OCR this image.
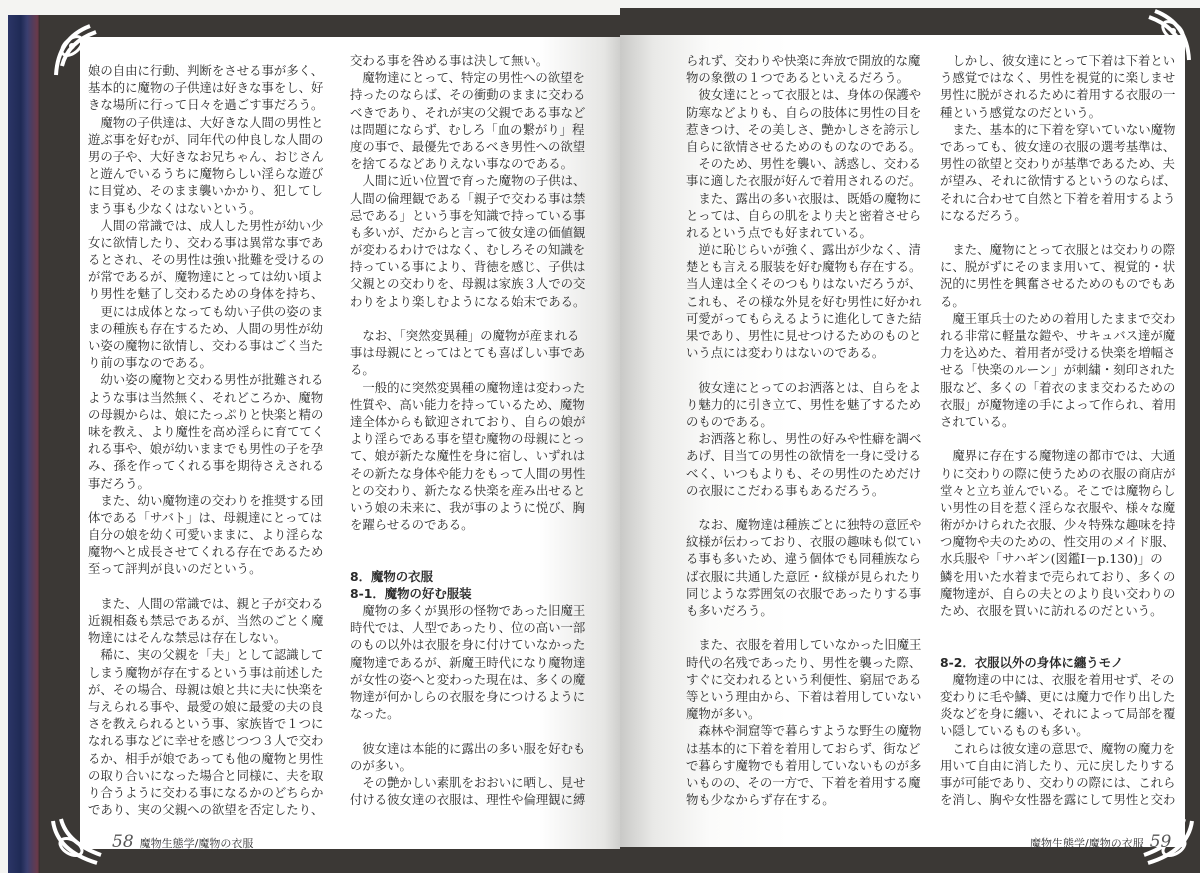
娘の自由に行動、判断をさせる事が多く、
基本的に魔物の子供達は好きな事をし、好
きな場所に行って日々を過ごす事だろう。
　魔物の子供達は、大好きな人間の男性と
遊ぶ事を好むが、同年代の仲良しな人間の
男の子や、大好きなお兄ちゃん、おじさん
と遊んでいるうちに魔物らしい淫らな遊び
に目覚め、そのまま襲いかかり、犯してし
まう事も少なくはないという。
　人間の常識では、成人した男性が幼い少
女に欲情したり、交わる事は異常な事であ
るとされ、その男性は強い批難を受けるの
が常であるが、魔物達にとっては幼い頃よ
り男性を魅了し交わるための身体を持ち、
　更には成体となっても幼い子供の姿のま
まの種族も存在するため、人間の男性が幼
い姿の魔物に欲情し、交わる事はごく当た
り前の事なのである。
　幼い姿の魔物と交わる男性が批難される
ような事は当然無く、それどころか、魔物
の母親からは、娘にたっぷりと快楽と精の
味を教え、より魔性を高め淫らに育ててく
れる事や、娘が幼いままでも男性の子を孕
み、孫を作ってくれる事を期待さえされる
事だろう。
　また、幼い魔物達の交わりを推奨する団
体である「サバト」は、母親達にとっては
自分の娘を幼く可愛いままに、より淫らな
魔物へと成長させてくれる存在であるため
至って評判が良いのだという。
　また、人間の常識では、親と子が交わる
近親相姦も禁忌であるが、当然のごとく魔
物達にはそんな禁忌は存在しない。
　稀に、実の父親を「夫」として認識して
しまう魔物が存在するという事は前述した
が、その場合、母親は娘と共に夫に快楽を
与えられる事や、最愛の娘に最愛の夫の良
さを教えられるという事、家族皆で１つに
なれる事などに幸せを感じつつ３人で交わ
るか、相手が娘であっても他の魔物と男性
の取り合いになった場合と同様に、夫を取
り合うように交わる事になるかのどちらか
であり、実の父親への欲望を否定したり、
交わる事を咎める事は決して無い。
　魔物達にとって、特定の男性への欲望を
持ったのならば、その衝動のままに交わる
べきであり、それが実の父親である事など
は問題にならず、むしろ「血の繋がり」程
度の事で、最優先であるべき男性への欲望
を捨てるなどありえない事なのである。
　人間に近い位置で育った魔物の子供は、
人間の倫理観である「親子で交わる事は禁
忌である」という事を知識で持っている事
も多いが、だからと言って彼女達の価値観
が変わるわけではなく、むしろその知識を
持っている事により、背徳を感じ、子供は
父親との交わりを、母親は家族３人での交
わりをより楽しむようになる始末である。
　なお、「突然変異種」の魔物が産まれる
事は母親にとってはとても喜ばしい事であ
る。
　一般的に突然変異種の魔物達は変わった
性質や、高い能力を持っているため、魔物
達全体からも歓迎されており、自らの娘が
より淫らである事を望む魔物の母親にとっ
て、娘が新たな魔性を身に宿し、いずれは
その新たな身体や能力をもって人間の男性
との交わり、新たなる快楽を産み出せると
いう娘の未来に、我が事のように悦び、胸
を躍らせるのである。
8．魔物の衣服
8-1．魔物の好む服装
　魔物の多くが異形の怪物であった旧魔王
時代では、人型であったり、位の高い一部
のもの以外は衣服を身に付けていなかった
魔物達であるが、新魔王時代になり魔物達
が女性の姿へと変わった現在は、多くの魔
物達が何かしらの衣服を身につけるように
なった。
　彼女達は本能的に露出の多い服を好むも
のが多い。
　その艶かしい素肌をおおいに晒し、見せ
付ける彼女達の衣服は、理性や倫理観に縛
られず、交わりや快楽に奔放で開放的な魔
物の象徴の１つであるといえるだろう。
　彼女達にとって衣服とは、身体の保護や
防寒などよりも、自らの肢体に男性の目を
惹きつけ、その美しさ、艶かしさを誇示し
自らに欲情させるためのものなのである。
　そのため、男性を襲い、誘惑し、交わる
事に適した衣服が好んで着用されるのだ。
　また、露出の多い衣服は、既婚の魔物に
とっては、自らの肌をより夫と密着させら
れるという点でも好まれている。
　逆に恥じらいが強く、露出が少なく、清
楚とも言える服装を好む魔物も存在する。
当人達は全くそのつもりはないだろうが、
これも、その様な外見を好む男性に好かれ
可愛がってもらえるように進化してきた結
果であり、男性に見せつけるためのものと
いう点には変わりはないのである。
　彼女達にとってのお洒落とは、自らをよ
り魅力的に引き立て、男性を魅了するため
のものである。
　お洒落と称し、男性の好みや性癖を調べ
あげ、目当ての男性の欲情を一身に受ける
べく、いつもよりも、その男性のためだけ
の衣服にこだわる事もあるだろう。
　なお、魔物達は種族ごとに独特の意匠や
紋様が伝わっており、衣服の趣味も似てい
る事も多いため、違う個体でも同種族なら
ば衣服に共通した意匠・紋様が見られたり
同じような雰囲気の衣服であったりする事
も多いだろう。
　また、衣服を着用していなかった旧魔王
時代の名残であったり、男性を襲った際、
すぐに交われるという利便性、窮屈である
等という理由から、下着は着用していない
魔物が多い。
　森林や洞窟等で暮らすような野生の魔物
は基本的に下着を着用しておらず、街など
で暮らす魔物でも着用していないものが多
いものの、その一方で、下着を着用する魔
物も少なからず存在する。
　しかし、彼女達にとって下着は下着とい
う感覚ではなく、男性を視覚的に楽しませ
男性に脱がされるために着用する衣服の一
種という感覚なのだという。
　また、基本的に下着を穿いていない魔物
であっても、彼女達の衣服の選考基準は、
男性の欲望と交わりが基準であるため、夫
が望み、それに欲情するというのならば、
それに合わせて自然と下着を着用するよう
になるだろう。
　また、魔物にとって衣服とは交わりの際
に、脱がずにそのまま用いて、視覚的・状
況的に男性を興奮させるためのものでもあ
る。
　魔王軍兵士のための着用したままで交わ
れる非常に軽量な鎧や、サキュバス達が魔
力を込めた、着用者が受ける快楽を増幅さ
せる「快楽のルーン」が刺繍・刻印された
服など、多くの「着衣のまま交わるための
衣服」が魔物達の手によって作られ、着用
されている。
　魔界に存在する魔物達の都市では、大通
りに交わりの際に使うための衣服の商店が
堂々と立ち並んでいる。そこでは魔物らし
い男性の目を惹く淫らな衣服や、様々な魔
術がかけられた衣服、少々特殊な趣味を持
つ魔物や夫のための、性交用のメイド服、
水兵服や「サハギン(図鑑Ⅰ－p.130)」の
鱗を用いた水着まで売られており、多くの
魔物達が、自らの夫とのより良い交わりの
ため、衣服を買いに訪れるのだという。
8-2．衣服以外の身体に纏うモノ
　魔物達の中には、衣服を着用せず、その
変わりに毛や鱗、更には魔力で作り出した
炎などを身に纏い、それによって局部を覆
い隠しているものも多い。
　これらは彼女達の意思で、魔物の魔力を
用いて自由に消したり、元に戻したりする
事が可能であり、交わりの際には、これら
を消し、胸や女性器を露にして男性と交わ
58 魔物生態学/魔物の衣服	魔物生態学/魔物の衣服 59
